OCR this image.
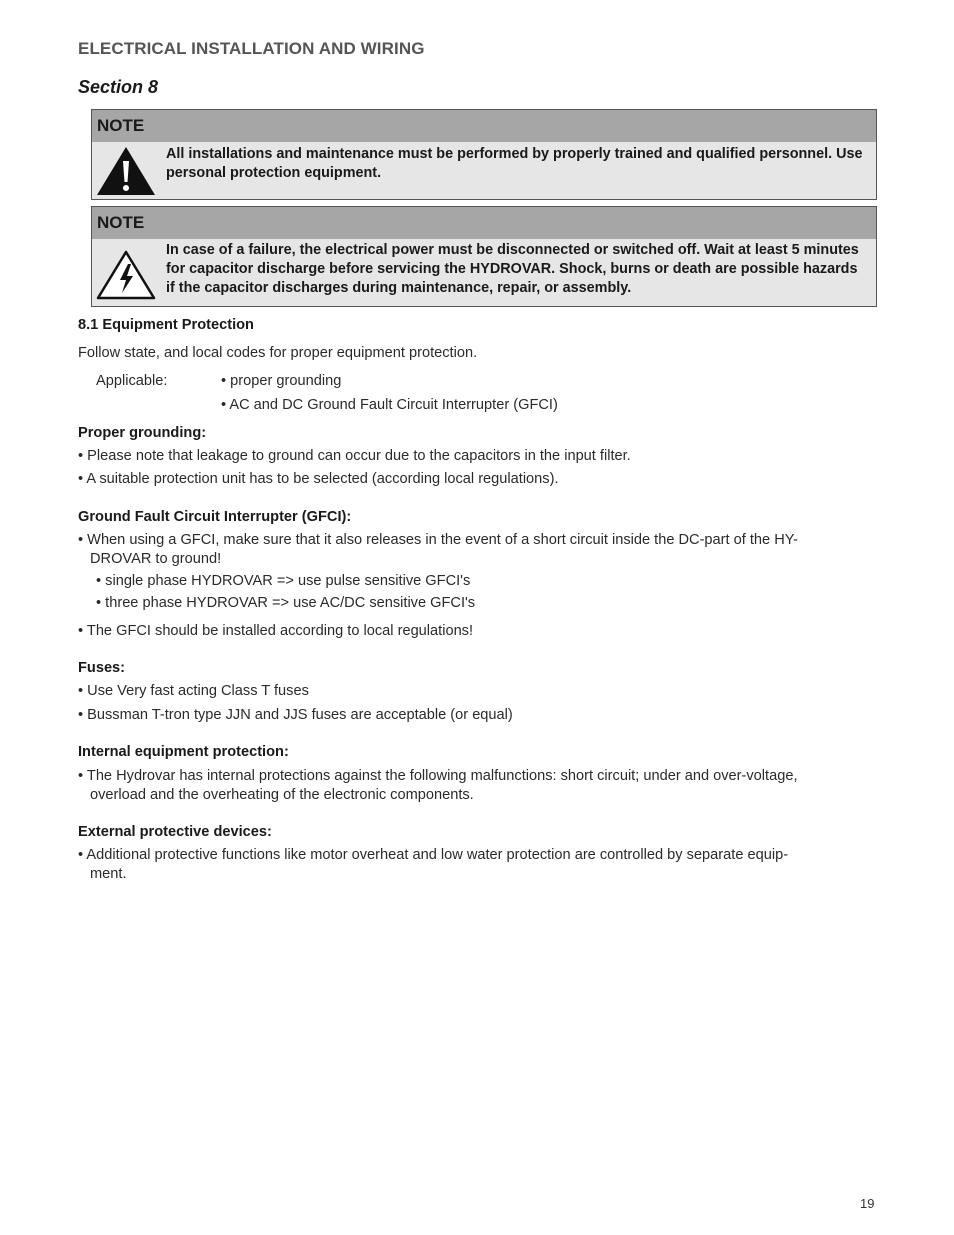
ELECTRICAL INSTALLATION AND WIRING
Section 8
NOTE
All installations and maintenance must be performed by properly trained and qualified personnel. Use personal protection equipment.
NOTE
In case of a failure, the electrical power must be disconnected or switched off. Wait at least 5 minutes for capacitor discharge before servicing the HYDROVAR. Shock, burns or death are possible hazards if the capacitor discharges during maintenance, repair, or assembly.
8.1 Equipment Protection
Follow state, and local codes for proper equipment protection.
Applicable:	• proper grounding
• AC and DC Ground Fault Circuit Interrupter (GFCI)
Proper grounding:
• Please note that leakage to ground can occur due to the capacitors in the input filter.
• A suitable protection unit has to be selected (according local regulations).
Ground Fault Circuit Interrupter (GFCI):
• When using a GFCI, make sure that it also releases in the event of a short circuit inside the DC-part of the HY-
DROVAR to ground!
• single phase HYDROVAR => use pulse sensitive GFCI's
• three phase HYDROVAR => use AC/DC sensitive GFCI's
• The GFCI should be installed according to local regulations!
Fuses:
• Use Very fast acting Class T fuses
• Bussman T-tron type JJN and JJS fuses are acceptable (or equal)
Internal equipment protection:
• The Hydrovar has internal protections against the following malfunctions: short circuit; under and over-voltage,
overload and the overheating of the electronic components.
External protective devices:
• Additional protective functions like motor overheat and low water protection are controlled by separate equip-
ment.
19
